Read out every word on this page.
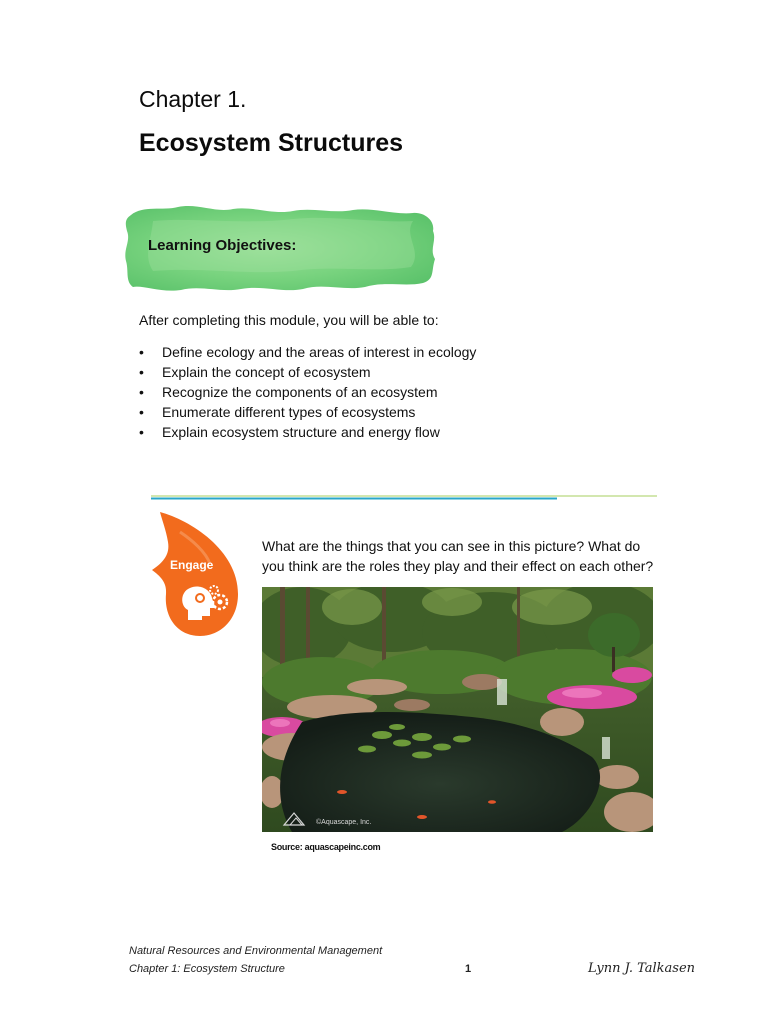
Chapter 1.
Ecosystem Structures
Learning Objectives:
After completing this module, you will be able to:
• Define ecology and the areas of interest in ecology
• Explain the concept of ecosystem
• Recognize the components of an ecosystem
• Enumerate different types of ecosystems
• Explain ecosystem structure and energy flow
Engage
What are the things that you can see in this picture? What do
you think are the roles they play and their effect on each other?
©Aquascape, Inc.
Source: aquascapeinc.com
Natural Resources and Environmental Management
Chapter 1: Ecosystem Structure	1	Lynn J. Talkasen
